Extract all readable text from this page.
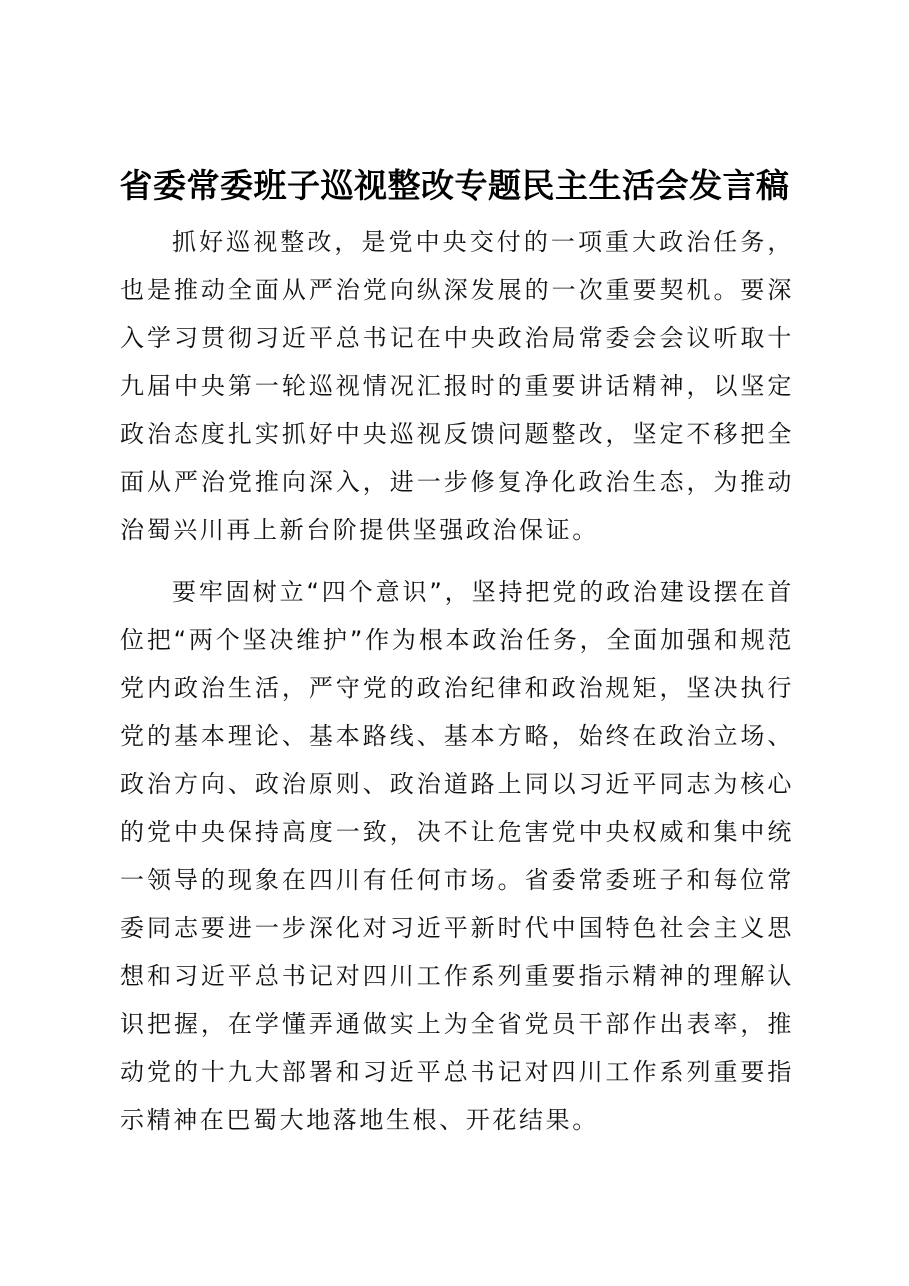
省委常委班子巡视整改专题民主生活会发言稿

抓好巡视整改，是党中央交付的一项重大政治任务，也是推动全面从严治党向纵深发展的一次重要契机。要深入学习贯彻习近平总书记在中央政治局常委会会议听取十九届中央第一轮巡视情况汇报时的重要讲话精神，以坚定政治态度扎实抓好中央巡视反馈问题整改，坚定不移把全面从严治党推向深入，进一步修复净化政治生态，为推动治蜀兴川再上新台阶提供坚强政治保证。

要牢固树立“四个意识”，坚持把党的政治建设摆在首位把“两个坚决维护”作为根本政治任务，全面加强和规范党内政治生活，严守党的政治纪律和政治规矩，坚决执行党的基本理论、基本路线、基本方略，始终在政治立场、政治方向、政治原则、政治道路上同以习近平同志为核心的党中央保持高度一致，决不让危害党中央权威和集中统一领导的现象在四川有任何市场。省委常委班子和每位常委同志要进一步深化对习近平新时代中国特色社会主义思想和习近平总书记对四川工作系列重要指示精神的理解认识把握，在学懂弄通做实上为全省党员干部作出表率，推动党的十九大部署和习近平总书记对四川工作系列重要指示精神在巴蜀大地落地生根、开花结果。
